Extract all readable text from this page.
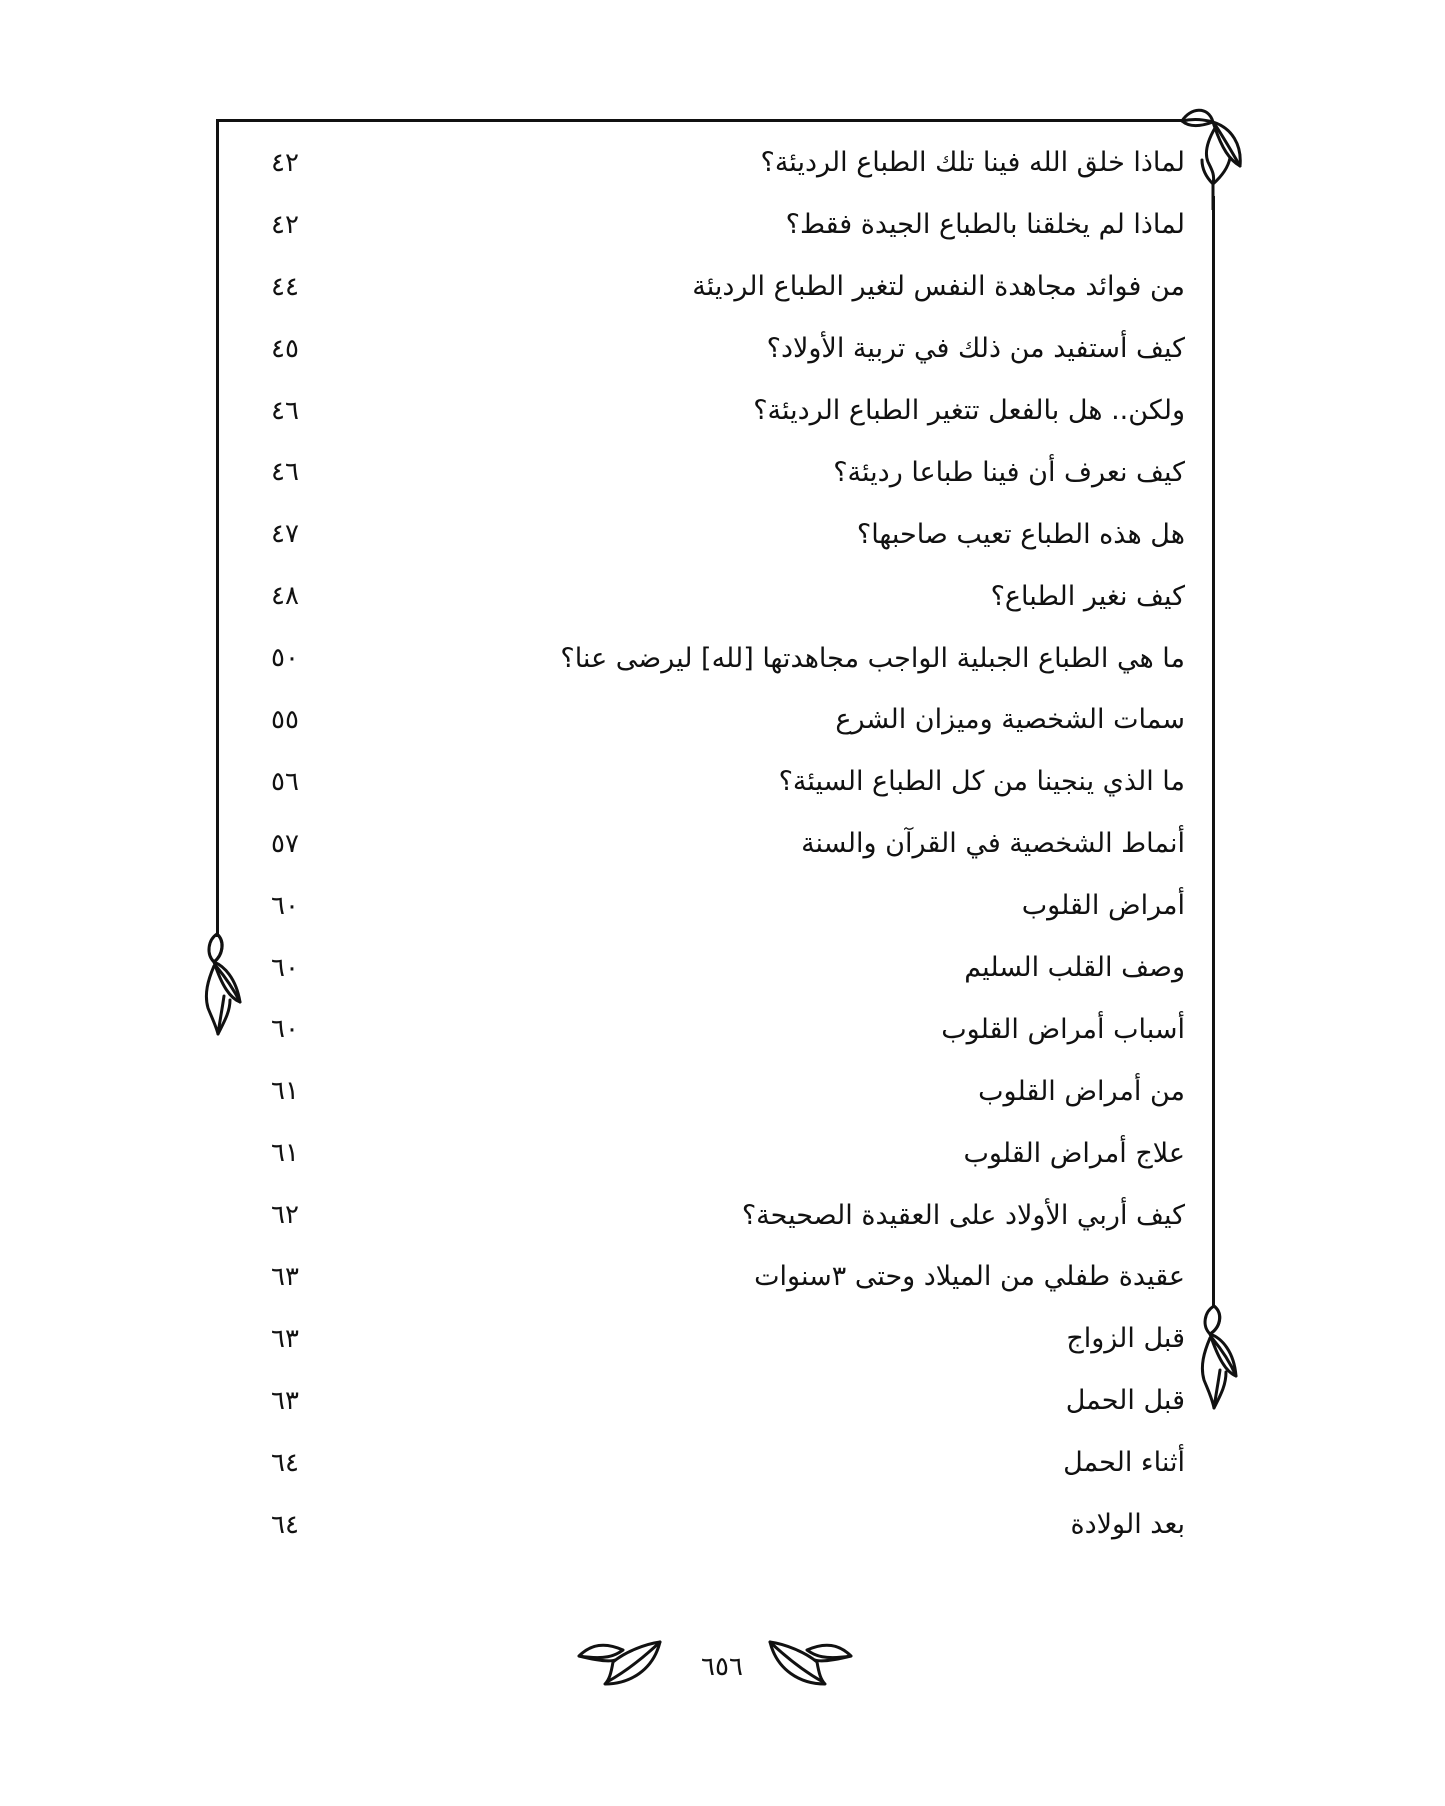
لماذا خلق الله فينا تلك الطباع الرديئة؟
٤٢
لماذا لم يخلقنا بالطباع الجيدة فقط؟
٤٢
من فوائد مجاهدة النفس لتغير الطباع الرديئة
٤٤
كيف أستفيد من ذلك في تربية الأولاد؟
٤٥
ولكن.. هل بالفعل تتغير الطباع الرديئة؟
٤٦
كيف نعرف أن فينا طباعا رديئة؟
٤٦
هل هذه الطباع تعيب صاحبها؟
٤٧
كيف نغير الطباع؟
٤٨
ما هي الطباع الجبلية الواجب مجاهدتها [لله] ليرضى عنا؟
٥٠
سمات الشخصية وميزان الشرع
٥٥
ما الذي ينجينا من كل الطباع السيئة؟
٥٦
أنماط الشخصية في القرآن والسنة
٥٧
أمراض القلوب
٦٠
وصف القلب السليم
٦٠
أسباب أمراض القلوب
٦٠
من أمراض القلوب
٦١
علاج أمراض القلوب
٦١
كيف أربي الأولاد على العقيدة الصحيحة؟
٦٢
عقيدة طفلي من الميلاد وحتى ٣سنوات
٦٣
قبل الزواج
٦٣
قبل الحمل
٦٣
أثناء الحمل
٦٤
بعد الولادة
٦٤
٦٥٦
